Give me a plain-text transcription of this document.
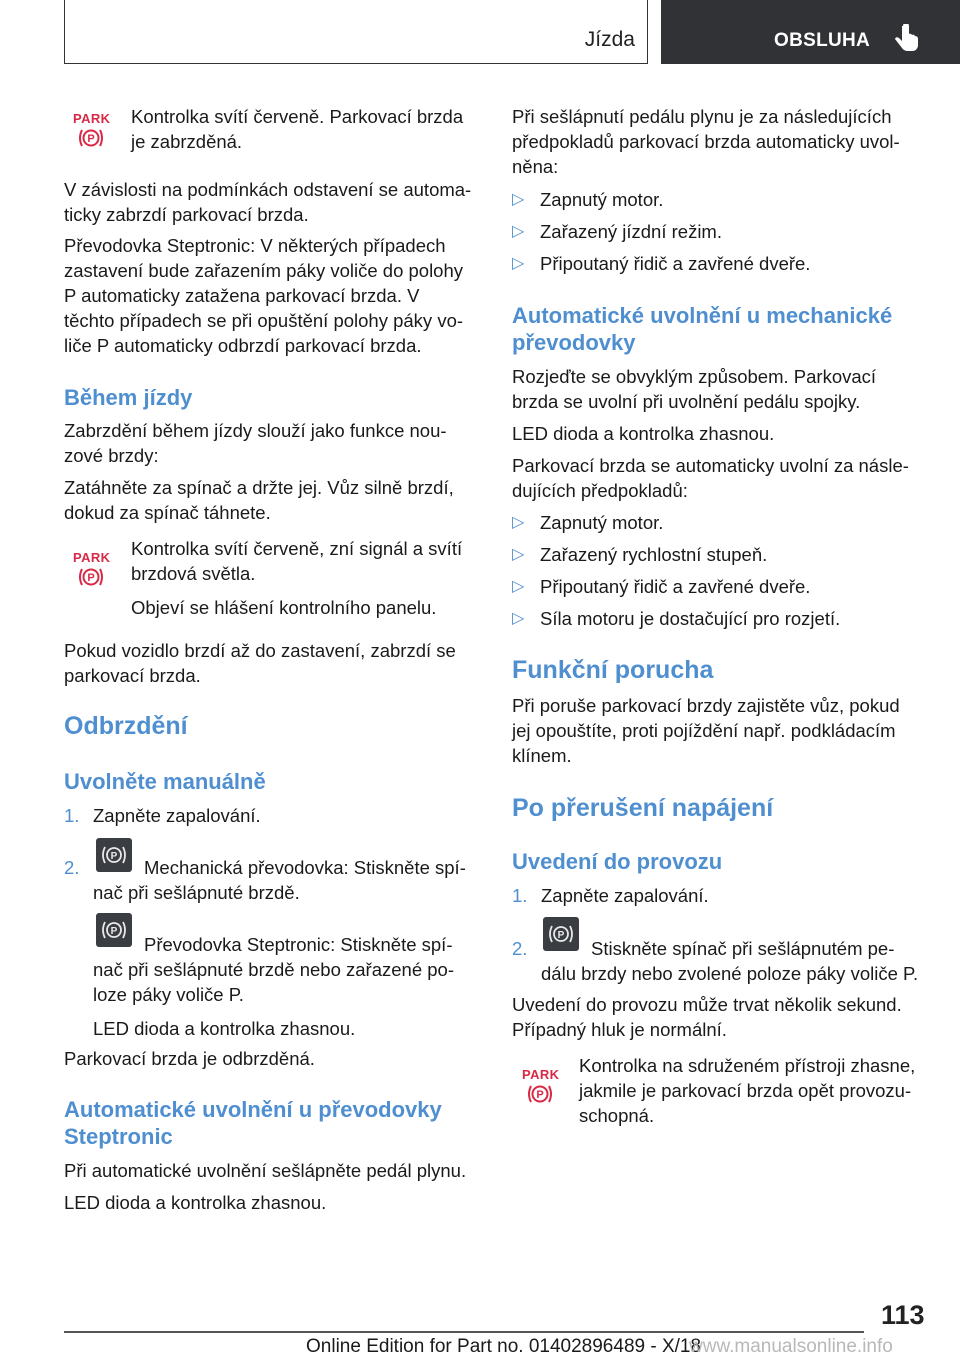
Jízda	OBSLUHA
PARK
P

Kontrolka svítí červeně. Parkovací brzda

je zabrzděná.

V závislosti na podmínkách odstavení se automa-

ticky zabrzdí parkovací brzda.

Převodovka Steptronic: V některých případech

zastavení bude zařazením páky voliče do polohy

P automaticky zatažena parkovací brzda. V

těchto případech se při opuštění polohy páky vo-

liče P automaticky odbrzdí parkovací brzda.

Během jízdy

Zabrzdění během jízdy slouží jako funkce nou-

zové brzdy:

Zatáhněte za spínač a držte jej. Vůz silně brzdí,

dokud za spínač táhnete.

PARK
P

Kontrolka svítí červeně, zní signál a svítí

brzdová světla.

Objeví se hlášení kontrolního panelu.

Pokud vozidlo brzdí až do zastavení, zabrzdí se

parkovací brzda.

Odbrzdění
Uvolněte manuálně
1. Zapněte zapalování.
2.
P

Mechanická převodovka: Stiskněte spí-

nač při sešlápnuté brzdě.

P

Převodovka Steptronic: Stiskněte spí-

nač při sešlápnuté brzdě nebo zařazené po-

loze páky voliče P.

LED dioda a kontrolka zhasnou.

Parkovací brzda je odbrzděná.

Automatické uvolnění u převodovky

Steptronic

Při automatické uvolnění sešlápněte pedál plynu.

LED dioda a kontrolka zhasnou.

Při sešlápnutí pedálu plynu je za následujících

předpokladů parkovací brzda automaticky uvol-

něna:

▷ Zapnutý motor.
▷ Zařazený jízdní režim.
▷ Připoutaný řidič a zavřené dveře.

Automatické uvolnění u mechanické

převodovky

Rozjeďte se obvyklým způsobem. Parkovací

brzda se uvolní při uvolnění pedálu spojky.

LED dioda a kontrolka zhasnou.

Parkovací brzda se automaticky uvolní za násle-

dujících předpokladů:

▷ Zapnutý motor.
▷ Zařazený rychlostní stupeň.
▷ Připoutaný řidič a zavřené dveře.
▷ Síla motoru je dostačující pro rozjetí.
Funkční porucha

Při poruše parkovací brzdy zajistěte vůz, pokud

jej opouštíte, proti pojíždění např. podkládacím

klínem.

Po přerušení napájení
Uvedení do provozu
1. Zapněte zapalování.
2.
P

Stiskněte spínač při sešlápnutém pe-

dálu brzdy nebo zvolené poloze páky voliče P.

Uvedení do provozu může trvat několik sekund.

Případný hluk je normální.

PARK
P

Kontrolka na sdruženém přístroji zhasne,

jakmile je parkovací brzda opět provozu-

schopná.

113
Online Edition for Part no. 01402896489 - X/18
www.manualsonline.info
